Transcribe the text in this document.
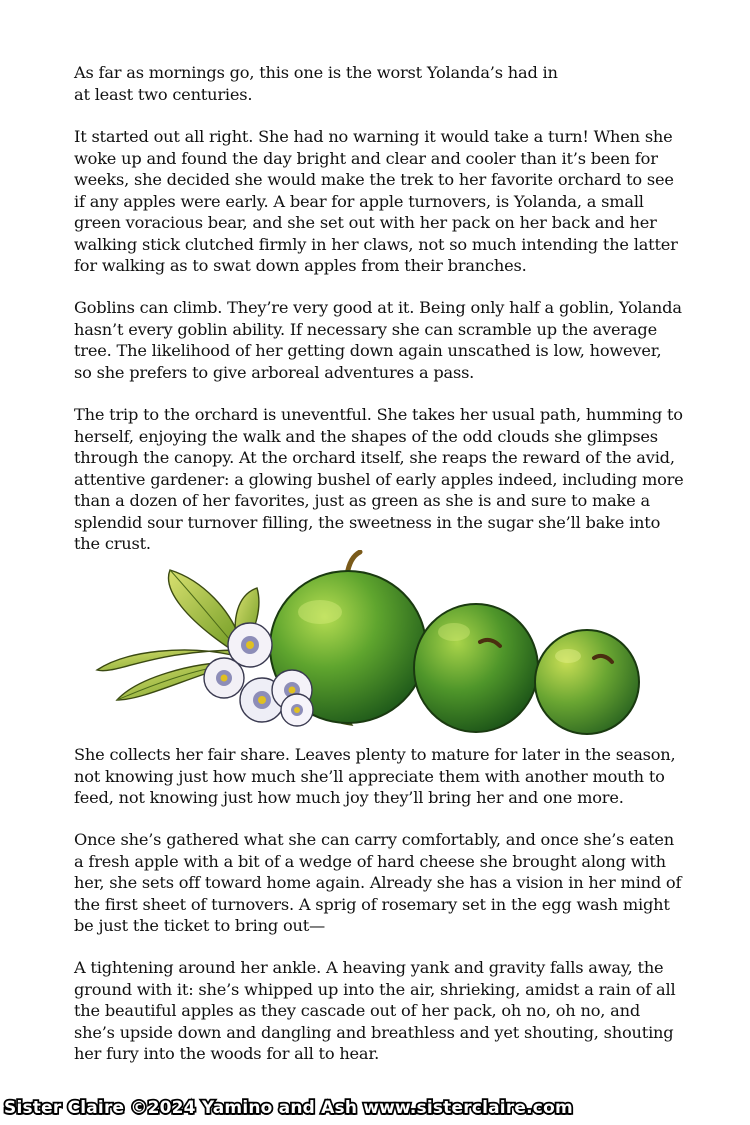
As far as mornings go, this one is the worst Yolanda’s had in at least two centuries.

It started out all right. She had no warning it would take a turn! When she woke up and found the day bright and clear and cooler than it’s been for weeks, she decided she would make the trek to her favorite orchard to see if any apples were early. A bear for apple turnovers, is Yolanda, a small green voracious bear, and she set out with her pack on her back and her walking stick clutched firmly in her claws, not so much intending the latter for walking as to swat down apples from their branches.

Goblins can climb. They’re very good at it. Being only half a goblin, Yolanda hasn’t every goblin ability. If necessary she can scramble up the average tree. The likelihood of her getting down again unscathed is low, however, so she prefers to give arboreal adventures a pass.

The trip to the orchard is uneventful. She takes her usual path, humming to herself, enjoying the walk and the shapes of the odd clouds she glimpses through the canopy. At the orchard itself, she reaps the reward of the avid, attentive gardener: a glowing bushel of early apples indeed, including more than a dozen of her favorites, just as green as she is and sure to make a splendid sour turnover filling, the sweetness in the sugar she’ll bake into the crust.

She collects her fair share. Leaves plenty to mature for later in the season, not knowing just how much she’ll appreciate them with another mouth to feed, not knowing just how much joy they’ll bring her and one more.

Once she’s gathered what she can carry comfortably, and once she’s eaten a fresh apple with a bit of a wedge of hard cheese she brought along with her, she sets off toward home again. Already she has a vision in her mind of the first sheet of turnovers. A sprig of rosemary set in the egg wash might be just the ticket to bring out—

A tightening around her ankle. A heaving yank and gravity falls away, the ground with it: she’s whipped up into the air, shrieking, amidst a rain of all the beautiful apples as they cascade out of her pack, oh no, oh no, and she’s upside down and dangling and breathless and yet shouting, shouting her fury into the woods for all to hear.

Sister Claire ©2024 Yamino and Ash www.sisterclaire.com
